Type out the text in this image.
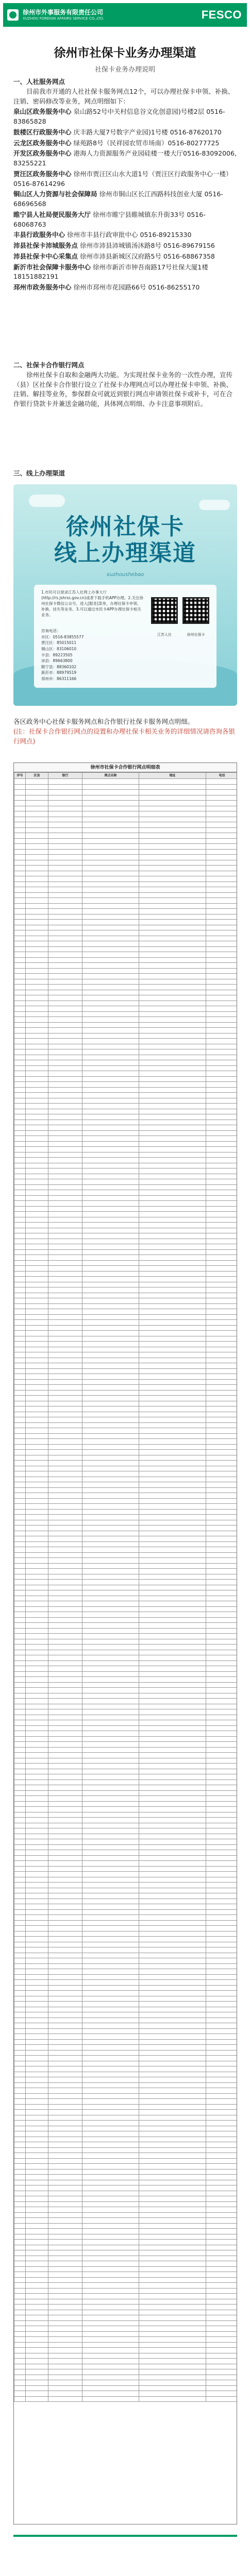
徐州市外事服务有限责任公司
XUZHOU FOREIGN AFFAIRS SERVICE CO.,LTD.	FESCO
徐州市社保卡业务办理渠道
社保卡业务办理说明
一、人社服务网点
目前我市开通的人社社保卡服务网点12个，可以办理社保卡申领、补换、注销、密码修改等业务，网点明细如下：
泉山区政务服务中心 泉山路52号中关村信息谷文化创意园)号楼2层 0516-83865828
鼓楼区行政服务中心 庆丰路大厦7号数字产业园)1号楼 0516-87620170
云龙区政务服务中心 绿苑路8号（民祥园农贸市场南）0516-80277725
开发区政务服务中心 港海人力资源服务产业园硅楼一楼大厅0516-83092006, 83255221
贾汪区政务服务中心 徐州市贾汪区山水大道1号（贾汪区行政服务中心一楼）0516-87614296
铜山区人力资源与社会保障局 徐州市铜山区长江西路科技创业大厦 0516-68696568
睢宁县人社局便民服务大厅 徐州市睢宁县睢城镇东升街33号 0516-68068763
丰县行政服务中心 徐州市丰县行政审批中心 0516-89215330
沛县社保卡沛城服务点 徐州市沛县沛城镇汤沐路8号 0516-89679156
沛县社保卡中心采集点 徐州市沛县新城区汉府路5号 0516-68867358
新沂市社会保障卡服务中心 徐州市新沂市钟吾南路17号社保大厦1楼 18151882191
邳州市政务服务中心 徐州市邳州市花园路66号 0516-86255170
二、社保卡合作银行网点
徐州社保卡自取和金融两大功能。为实现社保卡业务的一次性办理，宣传（县）区社保卡合作银行设立了社保卡办理网点可以办理社保卡申领、补换、注销、解挂等业务，参保群众可就近到银行网点申请领社保卡或补卡，可在合作银行贷款卡并兼送金融功能，具体网点明细、办卡注意事项附后。
三、线上办理渠道
徐州社保卡
线上办理渠道
xuzhoushebao
1.市民可以登录江苏人社网上办事大厅(http://rs.jshrss.gov.cn)或者下载手机APP办理。2.关注徐州社保卡微信公众号，进入[服务]菜单，办理社保卡申领、补换、挂失等业务。3.可以通过市民卡APP办理社保卡相关业务。
咨询电话：
市区：0516-83855577
贾汪区：85015011
铜山区：83106010
丰县：89223505
沛县：89663800
睢宁县：88360102
新沂市：88979519
邳州市：86311166

江苏人社	徐州社保卡
各区政务中心社保卡服务网点和合作银行社保卡服务网点明细。
(注：社保卡合作银行网点的设置和办理社保卡相关业务的详细情况请咨询各银行网点)
徐州市社保卡合作银行网点明细表
序号	区县	银行	网点名称	地址	电话
